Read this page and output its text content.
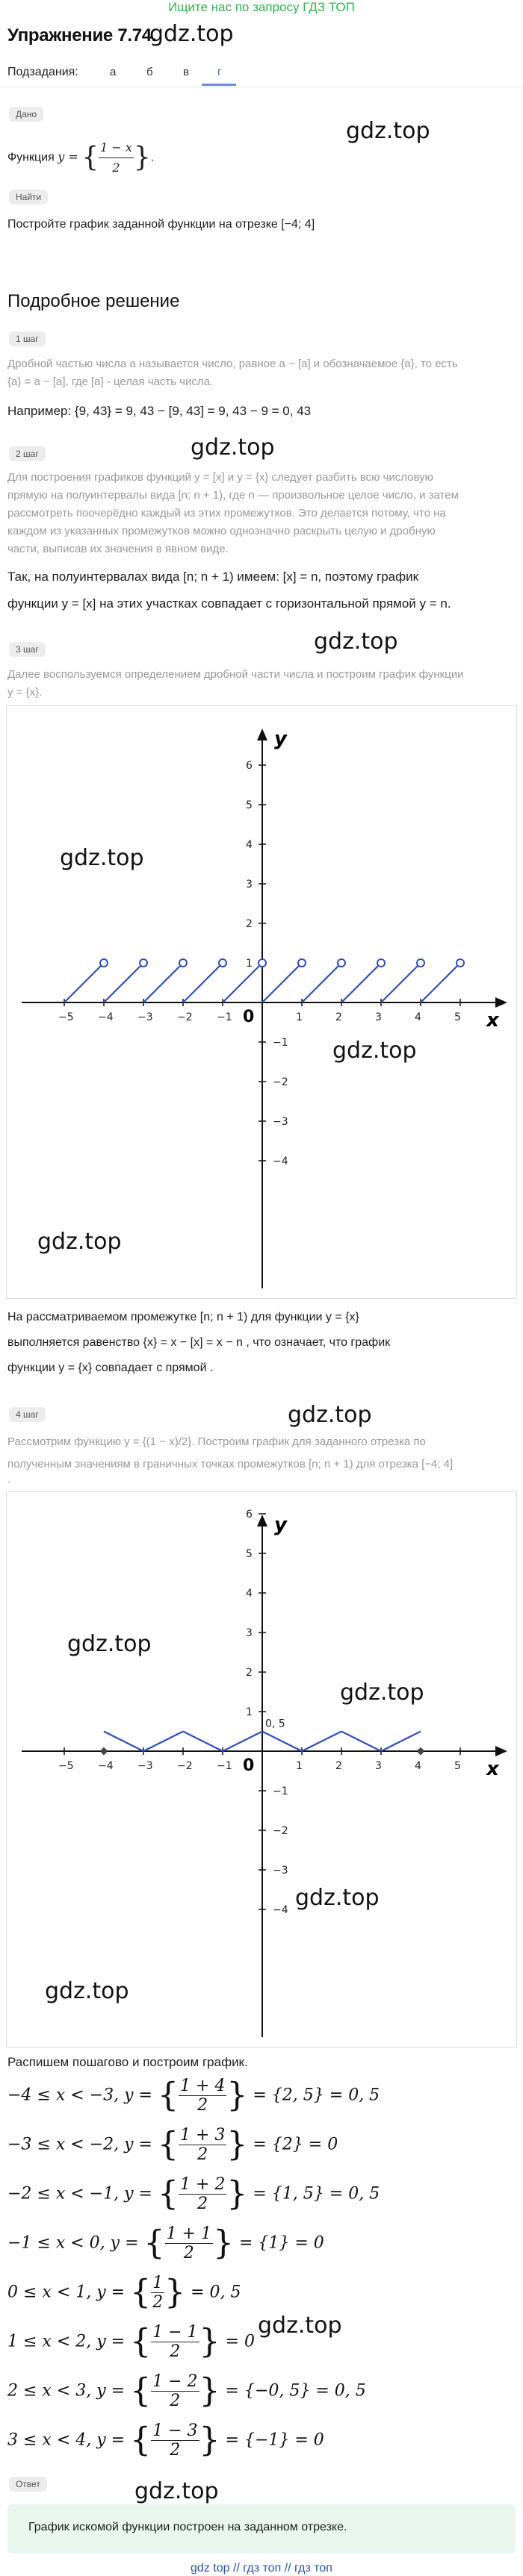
Ищите нас по запросу ГДЗ ТОП
Упражнение 7.74.
gdz.top
Подзадания:	а	б	в	г
Дано
gdz.top
Функция y = { $\frac{1 - x}{2}$ }.
Найти
Постройте график заданной функции на отрезке [−4; 4]
Подробное решение
1 шаг
Дробной частью числа a называется число, равное a − [a] и обозначаемое {a}, то есть
{a} = a − [a], где [a] - целая часть числа.
Например: {9, 43} = 9, 43 − [9, 43] = 9, 43 − 9 = 0, 43
gdz.top
2 шаг
Для построения графиков функций y = [x] и y = {x} следует разбить всю числовую
прямую на полуинтервалы вида [n; n + 1), где n — произвольное целое число, и затем
рассмотреть поочерёдно каждый из этих промежутков. Это делается потому, что на
каждом из указанных промежутков можно однозначно раскрыть целую и дробную
части, выписав их значения в явном виде.
Так, на полуинтервалах вида [n; n + 1) имеем: [x] = n, поэтому график
функции y = [x] на этих участках совпадает с горизонтальной прямой y = n.
gdz.top
3 шаг
Далее воспользуемся определением дробной части числа и построим график функции
y = {x}.
x
y
0
−5 −4 −3 −2 −1	1	2	3	4	5
1
2
3
4
5
6
−1
−2
−3
−4
gdz.top
gdz.top
gdz.top
На рассматриваемом промежутке [n; n + 1) для функции y = {x}
выполняется равенство {x} = x − [x] = x − n , что означает, что график
функции y = {x} совпадает с прямой .
gdz.top
4 шаг
Рассмотрим функцию y = {(1 − x)/2}. Построим график для заданного отрезка по
полученным значениям в граничных точках промежутков [n; n + 1) для отрезка [−4; 4]
.
x
y
0
−5 −4 −3 −2 −1	1	2	3	4	5
1
2
3
4
5
6
−1
−2
−3
−4
0, 5
gdz.top
gdz.top
gdz.top
gdz.top
Распишем пошагово и построим график.
−4 ≤ x < −3, y = { $\frac{1 + 4}{2}$ } = {2, 5} = 0, 5
−3 ≤ x < −2, y = { $\frac{1 + 3}{2}$ } = {2} = 0
−2 ≤ x < −1, y = { $\frac{1 + 2}{2}$ } = {1, 5} = 0, 5
−1 ≤ x < 0, y = { $\frac{1 + 1}{2}$ } = {1} = 0
0 ≤ x < 1, y = { $\frac{1}{2}$ } = 0, 5
1 ≤ x < 2, y = { $\frac{1 - 1}{2}$ } = 0
gdz.top
2 ≤ x < 3, y = { $\frac{1 - 2}{2}$ } = {−0, 5} = 0, 5
3 ≤ x < 4, y = { $\frac{1 - 3}{2}$ } = {−1} = 0
Ответ	gdz.top
График искомой функции построен на заданном отрезке.
gdz top // гдз топ // гдз топ
